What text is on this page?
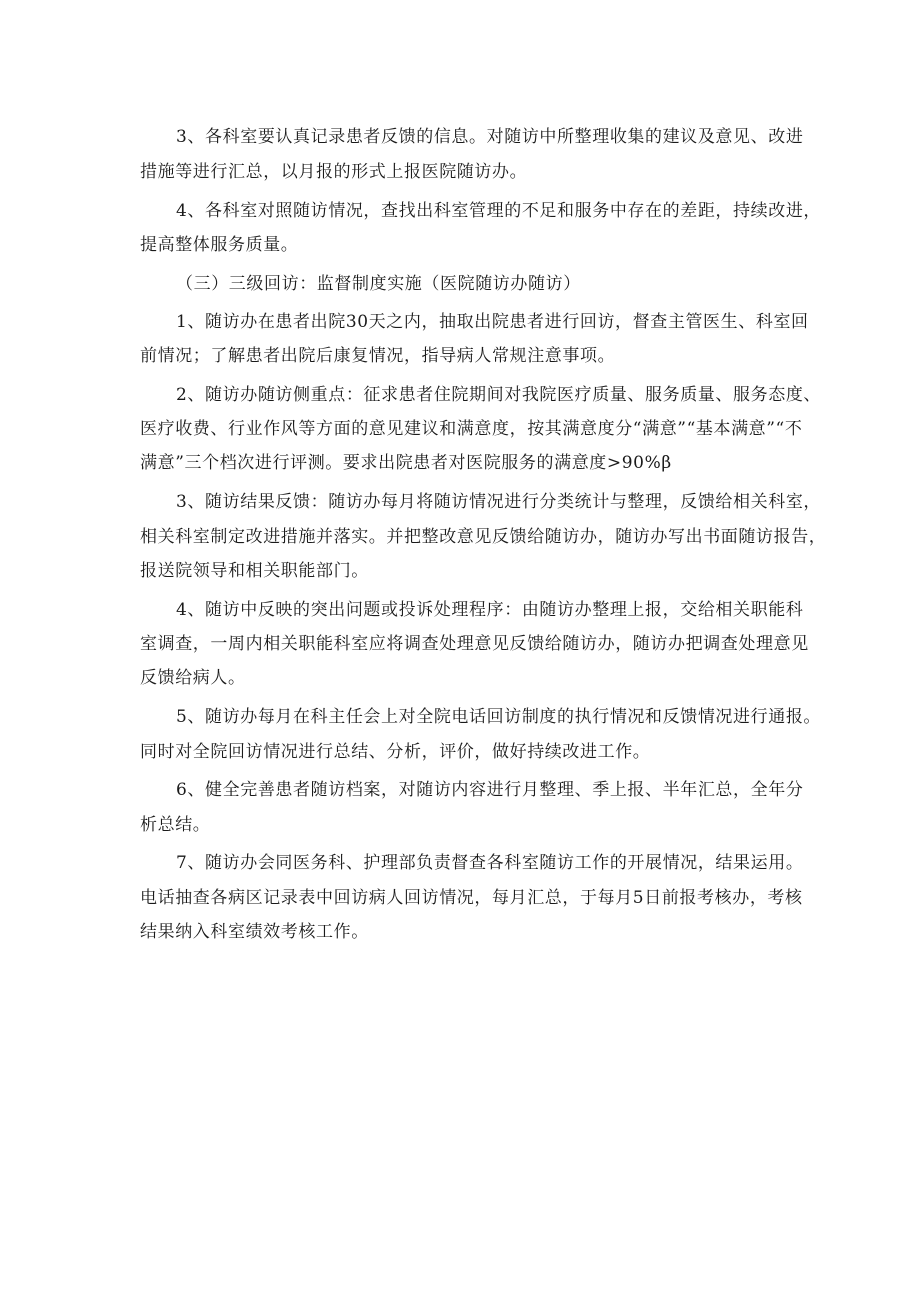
3、各科室要认真记录患者反馈的信息。对随访中所整理收集的建议及意见、改进
措施等进行汇总，以月报的形式上报医院随访办。
4、各科室对照随访情况，查找出科室管理的不足和服务中存在的差距，持续改进，
提高整体服务质量。
（三）三级回访：监督制度实施（医院随访办随访）
1、随访办在患者出院30天之内，抽取出院患者进行回访，督查主管医生、科室回
前情况；了解患者出院后康复情况，指导病人常规注意事项。
2、随访办随访侧重点：征求患者住院期间对我院医疗质量、服务质量、服务态度、
医疗收费、行业作风等方面的意见建议和满意度，按其满意度分“满意”“基本满意”“不
满意”三个档次进行评测。要求出院患者对医院服务的满意度>90%β
3、随访结果反馈：随访办每月将随访情况进行分类统计与整理，反馈给相关科室，
相关科室制定改进措施并落实。并把整改意见反馈给随访办，随访办写出书面随访报告，
报送院领导和相关职能部门。
4、随访中反映的突出问题或投诉处理程序：由随访办整理上报，交给相关职能科
室调查，一周内相关职能科室应将调查处理意见反馈给随访办，随访办把调查处理意见
反馈给病人。
5、随访办每月在科主任会上对全院电话回访制度的执行情况和反馈情况进行通报。
同时对全院回访情况进行总结、分析，评价，做好持续改进工作。
6、健全完善患者随访档案，对随访内容进行月整理、季上报、半年汇总，全年分
析总结。
7、随访办会同医务科、护理部负责督查各科室随访工作的开展情况，结果运用。
电话抽查各病区记录表中回访病人回访情况，每月汇总，于每月5日前报考核办，考核
结果纳入科室绩效考核工作。
